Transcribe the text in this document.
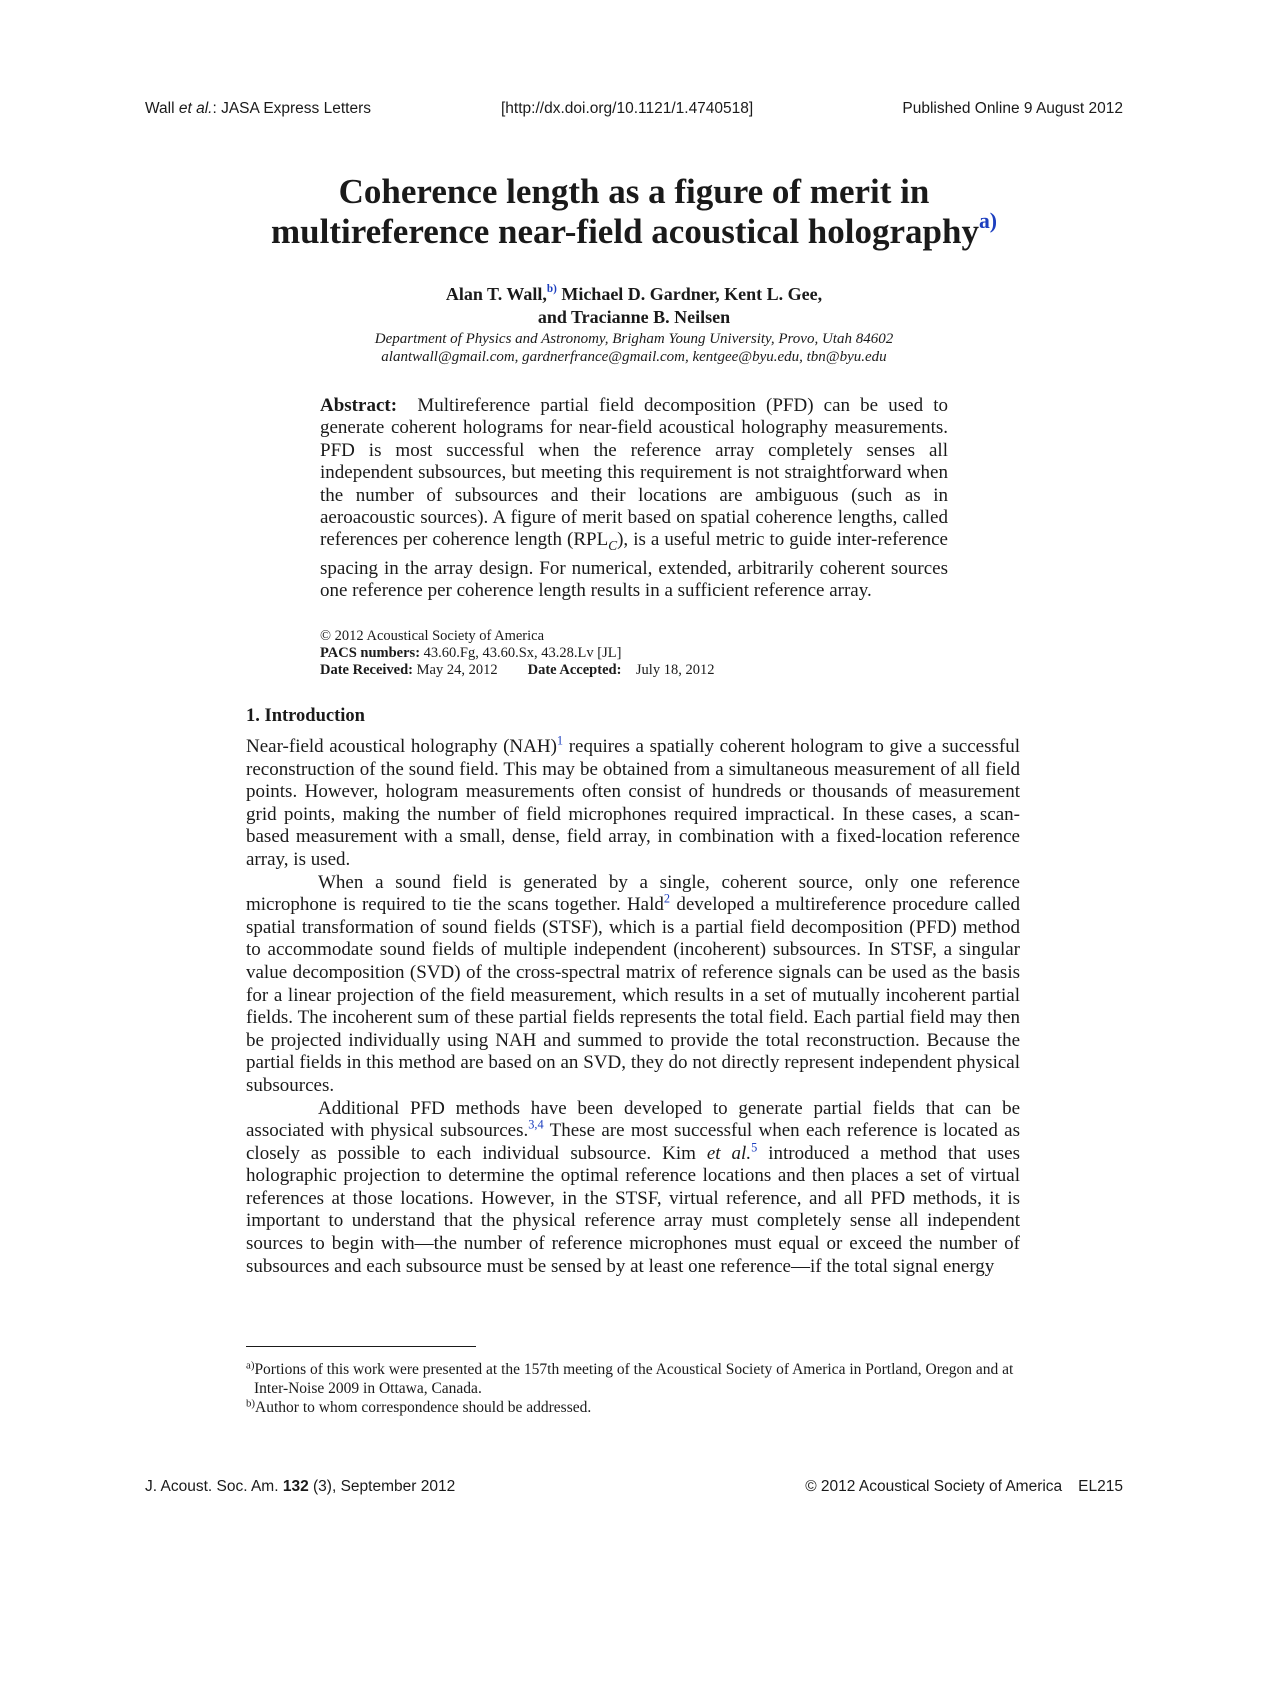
Wall et al.: JASA Express Letters	[http://dx.doi.org/10.1121/1.4740518]	Published Online 9 August 2012
Coherence length as a figure of merit in
multireference near-field acoustical holography$^{a)}$
Alan T. Wall,$^{b)}$ Michael D. Gardner, Kent L. Gee,
and Tracianne B. Neilsen
Department of Physics and Astronomy, Brigham Young University, Provo, Utah 84602
alantwall@gmail.com, gardnerfrance@gmail.com, kentgee@byu.edu, tbn@byu.edu
Abstract: Multireference partial field decomposition (PFD) can be used to generate coherent holograms for near-field acoustical holography measurements. PFD is most successful when the reference array completely senses all independent subsources, but meeting this requirement is not straightforward when the number of subsources and their locations are ambiguous (such as in aeroacoustic sources). A figure of merit based on spatial coherence lengths, called references per coherence length $(RPL_C)$, is a useful metric to guide inter-reference spacing in the array design. For numerical, extended, arbitrarily coherent sources one reference per coherence length results in a sufficient reference array.
© 2012 Acoustical Society of America
PACS numbers: 43.60.Fg, 43.60.Sx, 43.28.Lv [JL]
Date Received: May 24, 2012 Date Accepted: July 18, 2012
1. Introduction

Near-field acoustical holography (NAH)$^1$ requires a spatially coherent hologram to give a successful reconstruction of the sound field. This may be obtained from a simultaneous measurement of all field points. However, hologram measurements often consist of hundreds or thousands of measurement grid points, making the number of field microphones required impractical. In these cases, a scan-based measurement with a small, dense, field array, in combination with a fixed-location reference array, is used.

When a sound field is generated by a single, coherent source, only one reference microphone is required to tie the scans together. Hald$^2$ developed a multireference procedure called spatial transformation of sound fields (STSF), which is a partial field decomposition (PFD) method to accommodate sound fields of multiple independent (incoherent) subsources. In STSF, a singular value decomposition (SVD) of the cross-spectral matrix of reference signals can be used as the basis for a linear projection of the field measurement, which results in a set of mutually incoherent partial fields. The incoherent sum of these partial fields represents the total field. Each partial field may then be projected individually using NAH and summed to provide the total reconstruction. Because the partial fields in this method are based on an SVD, they do not directly represent independent physical subsources.

Additional PFD methods have been developed to generate partial fields that can be associated with physical subsources.$^{3,4}$ These are most successful when each reference is located as closely as possible to each individual subsource. Kim et al.$^5$ introduced a method that uses holographic projection to determine the optimal reference locations and then places a set of virtual references at those locations. However, in the STSF, virtual reference, and all PFD methods, it is important to understand that the physical reference array must completely sense all independent sources to begin with—the number of reference microphones must equal or exceed the number of subsources and each subsource must be sensed by at least one reference—if the total signal energy

$^{a)}$Portions of this work were presented at the 157th meeting of the Acoustical Society of America in Portland, Oregon and at Inter-Noise 2009 in Ottawa, Canada.
$^{b)}$Author to whom correspondence should be addressed.
J. Acoust. Soc. Am. 132 (3), September 2012	© 2012 Acoustical Society of America EL215
